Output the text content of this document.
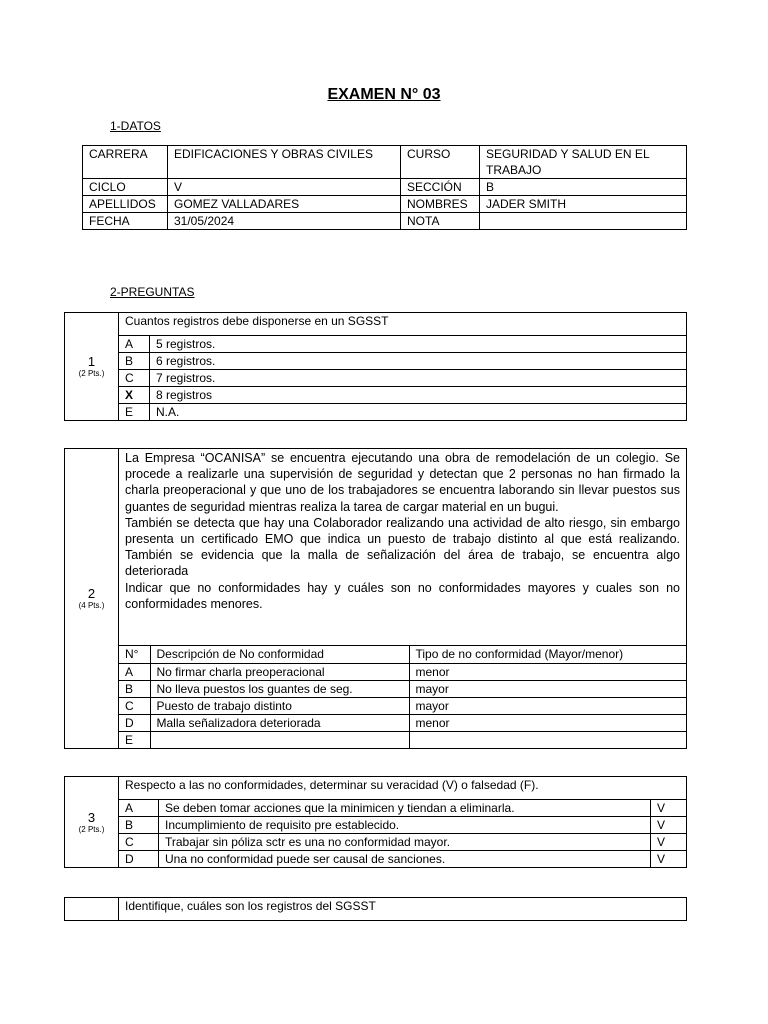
EXAMEN N° 03
1-DATOS
CARRERA	EDIFICACIONES Y OBRAS CIVILES	CURSO	SEGURIDAD Y SALUD EN EL TRABAJO
CICLO	V	SECCIÓN	B
APELLIDOS	GOMEZ VALLADARES	NOMBRES	JADER SMITH
FECHA	31/05/2024	NOTA	
2-PREGUNTAS
1
(2 Pts.)	Cuantos registros debe disponerse en un SGSST	
	A	5 registros.
	B	6 registros.
	C	7 registros.
	X	8 registros
	E	N.A.
2
(4 Pts.)

La Empresa “OCANISA” se encuentra ejecutando una obra de remodelación de un colegio. Se procede a realizarle una supervisión de seguridad y detectan que 2 personas no han firmado la charla preoperacional y que uno de los trabajadores se encuentra laborando sin llevar puestos sus guantes de seguridad mientras realiza la tarea de cargar material en un bugui.
También se detecta que hay una Colaborador realizando una actividad de alto riesgo, sin embargo presenta un certificado EMO que indica un puesto de trabajo distinto al que está realizando. También se evidencia que la malla de señalización del área de trabajo, se encuentra algo deteriorada
Indicar que no conformidades hay y cuáles son no conformidades mayores y cuales son no conformidades menores.

N°	Descripción de No conformidad	Tipo de no conformidad (Mayor/menor)
A	No firmar charla preoperacional	menor
B	No lleva puestos los guantes de seg.	mayor
C	Puesto de trabajo distinto	mayor
D	Malla señalizadora deteriorada	menor
E		
3
(2 Pts.)	Respecto a las no conformidades, determinar su veracidad (V) o falsedad (F).		
	A	Se deben tomar acciones que la minimicen y tiendan a eliminarla.	V
	B	Incumplimiento de requisito pre establecido.	V
	C	Trabajar sin póliza sctr es una no conformidad mayor.	V
	D	Una no conformidad puede ser causal de sanciones.	V
	Identifique, cuáles son los registros del SGSST
